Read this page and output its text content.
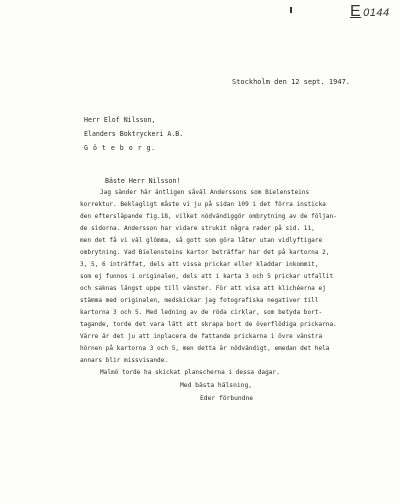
E 0144
Stockholm den 12 sept. 1947.
Herr Elof Nilsson,
Elanders Boktryckeri A.B.
G ö t e b o r g.
Bäste Herr Nilsson!
Jag sänder här äntligen såväl Anderssons som Bielensteins
korrektur. Beklagligt måste vi ju på sidan 109 i det förra insticka
den eftersläpande fig.18, vilket nödvändiggör ombrytning av de följan-
de sidorna. Andersson har vidare strukit några rader på sid. 11,
men det få vi väl glömma, så gott som göra låter utan vidlyftigare
ombrytning. Vad Bielensteins kartor beträffar har det på kartorna 2,
3, 5, 6 inträffat, dels att vissa prickar eller kladdar inkommit,
som ej funnos i originalen, dels att i karta 3 och 5 prickar utfallit
och saknas längst uppe till vänster. För att visa att klichéerna ej
stämma med originalen, medskickar jag fotografiska negativer till
kartorna 3 och 5. Med ledning av de röda cirklar, som betyda bort-
tagande, torde det vara lätt att skrapa bort de överflödiga prickarna.
Värre är det ju att inplacera de fattande prickarna i övre vänstra
hörnen på kartorna 3 och 5, men detta är nödvändigt, emedan det hela
annars blir missvisande.
Malmö torde ha skickat planscherna i dessa dagar.
Med bästa hälsning,
Eder förbundne
